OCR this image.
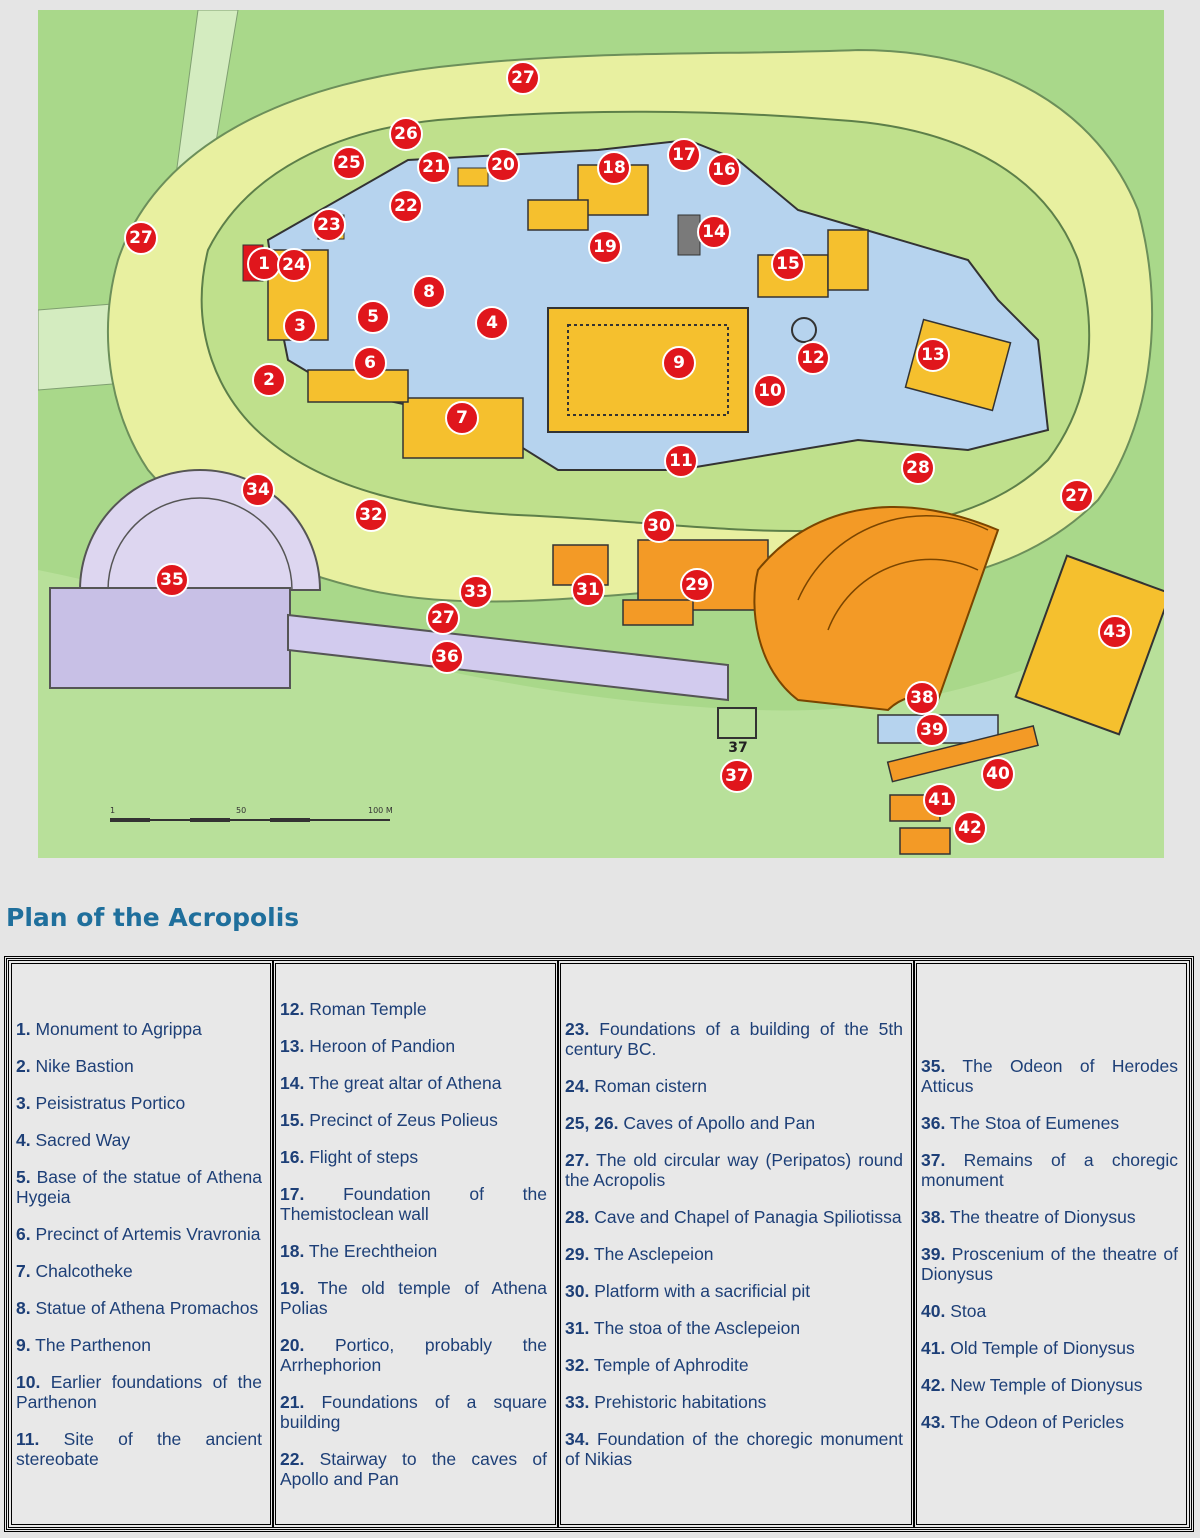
37
1	50	100 M
1
2
3	4
5
6
7
8
9
10
11
12	13
14
15
16
17
18
19
20
21
22
23
24
25
26
27
27
27
27
28
29
30
31
32
33
34
35
36
37
38
39
40
41
42
43
Plan of the Acropolis

1. Monument to Agrippa

2. Nike Bastion

3. Peisistratus Portico

4. Sacred Way

5. Base of the statue of Athena Hygeia

6. Precinct of Artemis Vravronia

7. Chalcotheke

8. Statue of Athena Promachos

9. The Parthenon

10. Earlier foundations of the Parthenon

11. Site of the ancient stereobate

12. Roman Temple

13. Heroon of Pandion

14. The great altar of Athena

15. Precinct of Zeus Polieus

16. Flight of steps

17. Foundation of the Themistoclean wall

18. The Erechtheion

19. The old temple of Athena Polias

20. Portico, probably the Arrhephorion

21. Foundations of a square building

22. Stairway to the caves of Apollo and Pan

23. Foundations of a building of the 5th century BC.

24. Roman cistern

25, 26. Caves of Apollo and Pan

27. The old circular way (Peripatos) round the Acropolis

28. Cave and Chapel of Panagia Spiliotissa

29. The Asclepeion

30. Platform with a sacrificial pit

31. The stoa of the Asclepeion

32. Temple of Aphrodite

33. Prehistoric habitations

34. Foundation of the choregic monument of Nikias

35. The Odeon of Herodes Atticus

36. The Stoa of Eumenes

37. Remains of a choregic monument

38. The theatre of Dionysus

39. Proscenium of the theatre of Dionysus

40. Stoa

41. Old Temple of Dionysus

42. New Temple of Dionysus

43. The Odeon of Pericles
